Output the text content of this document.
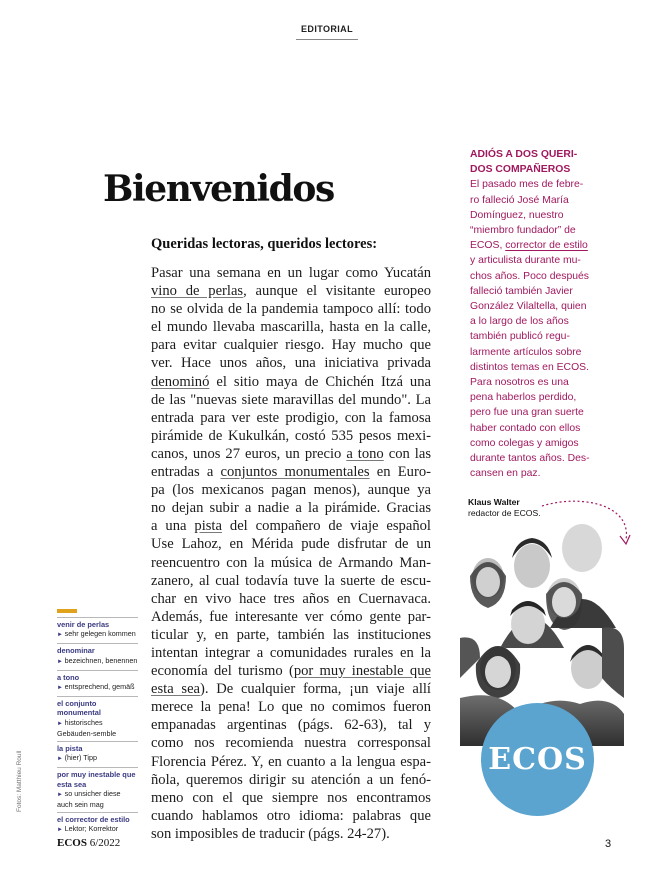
EDITORIAL
Bienvenidos
Queridas lectoras, queridos lectores:
Pasar una semana en un lugar como Yucatán
vino de perlas, aunque el visitante europeo
no se olvida de la pandemia tampoco allí: todo
el mundo llevaba mascarilla, hasta en la calle,
para evitar cualquier riesgo. Hay mucho que
ver. Hace unos años, una iniciativa privada
denominó el sitio maya de Chichén Itzá una
de las "nuevas siete maravillas del mundo". La
entrada para ver este prodigio, con la famosa
pirámide de Kukulkán, costó 535 pesos mexi-
canos, unos 27 euros, un precio a tono con las
entradas a conjuntos monumentales en Euro-
pa (los mexicanos pagan menos), aunque ya
no dejan subir a nadie a la pirámide. Gracias
a una pista del compañero de viaje español
Use Lahoz, en Mérida pude disfrutar de un
reencuentro con la música de Armando Man-
zanero, al cual todavía tuve la suerte de escu-
char en vivo hace tres años en Cuernavaca.
Además, fue interesante ver cómo gente par-
ticular y, en parte, también las instituciones
intentan integrar a comunidades rurales en la
economía del turismo (por muy inestable que
esta sea). De cualquier forma, ¡un viaje allí
merece la pena! Lo que no comimos fueron
empanadas argentinas (págs. 62-63), tal y
como nos recomienda nuestra corresponsal
Florencia Pérez. Y, en cuanto a la lengua espa-
ñola, queremos dirigir su atención a un fenó-
meno con el que siempre nos encontramos
cuando hablamos otro idioma: palabras que
son imposibles de traducir (págs. 24-27).
ADIÓS A DOS QUERI-
DOS COMPAÑEROS
El pasado mes de febre-
ro falleció José María
Domínguez, nuestro
“miembro fundador” de
ECOS, corrector de estilo
y articulista durante mu-
chos años. Poco después
falleció también Javier
González Vilaltella, quien
a lo largo de los años
también publicó regu-
larmente artículos sobre
distintos temas en ECOS.
Para nosotros es una
pena haberlos perdido,
pero fue una gran suerte
haber contado con ellos
como colegas y amigos
durante tantos años. Des-
cansen en paz.
Klaus Walter
redactor de ECOS.
ECOS
venir de perlas
► sehr gelegen kommen
denominar
► bezeichnen, benennen
a tono
► entsprechend, gemäß
el conjunto monumental
► historisches Gebäuden-semble
la pista
► (hier) Tipp
por muy inestable que esta sea
► so unsicher diese auch sein mag
el corrector de estilo
► Lektor; Korrektor
Fotos: Matthieu Roull
ECOS 6/2022	3
